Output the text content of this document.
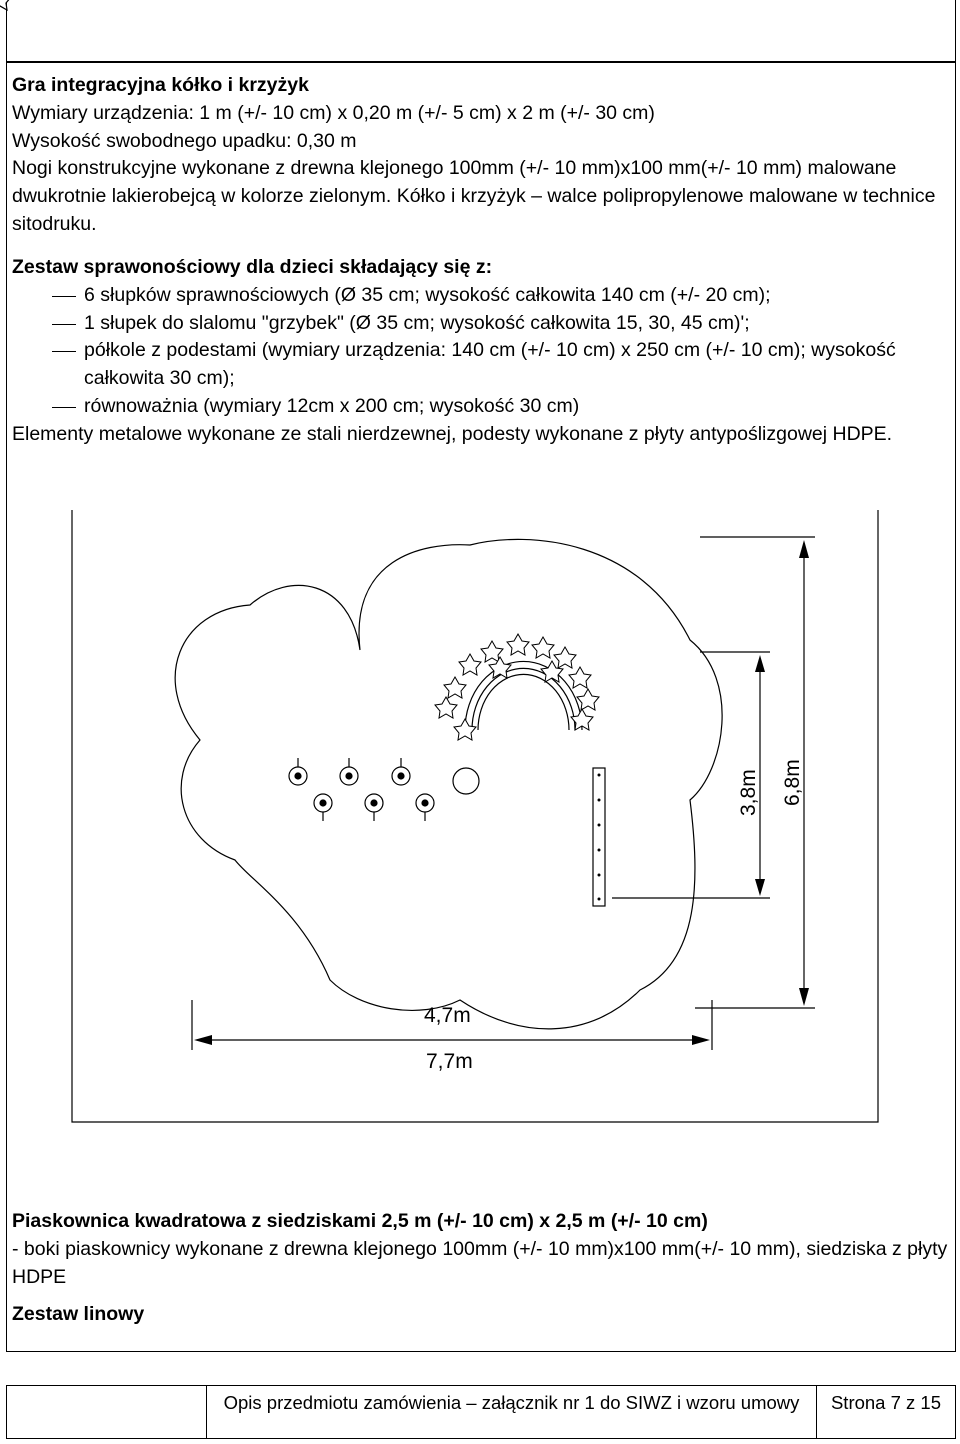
Gra integracyjna kółko i krzyżyk

Wymiary urządzenia: 1 m (+/- 10 cm) x 0,20 m (+/- 5 cm) x 2 m (+/- 30 cm)

Wysokość swobodnego upadku: 0,30 m

Nogi konstrukcyjne wykonane z drewna klejonego 100mm (+/- 10 mm)x100 mm(+/- 10 mm) malowane dwukrotnie lakierobejcą w kolorze zielonym. Kółko i krzyżyk – walce polipropylenowe malowane w technice sitodruku.

Zestaw sprawonościowy dla dzieci składający się z:

6 słupków sprawnościowych (Ø 35 cm; wysokość całkowita 140 cm (+/- 20 cm);
1 słupek do slalomu "grzybek" (Ø 35 cm; wysokość całkowita 15, 30, 45 cm)';
półkole z podestami (wymiary urządzenia: 140 cm (+/- 10 cm) x 250 cm (+/- 10 cm); wysokość całkowita 30 cm);
równoważnia (wymiary 12cm x 200 cm; wysokość 30 cm)

Elementy metalowe wykonane ze stali nierdzewnej, podesty wykonane z płyty antypoślizgowej HDPE.

3,8m 6,8m
4,7m
7,7m

Piaskownica kwadratowa z siedziskami 2,5 m (+/- 10 cm) x 2,5 m (+/- 10 cm)

- boki piaskownicy wykonane z drewna klejonego 100mm (+/- 10 mm)x100 mm(+/- 10 mm), siedziska z płyty HDPE

Zestaw linowy

Opis przedmiotu zamówienia – załącznik nr 1 do SIWZ i wzoru umowy	Strona 7 z 15
